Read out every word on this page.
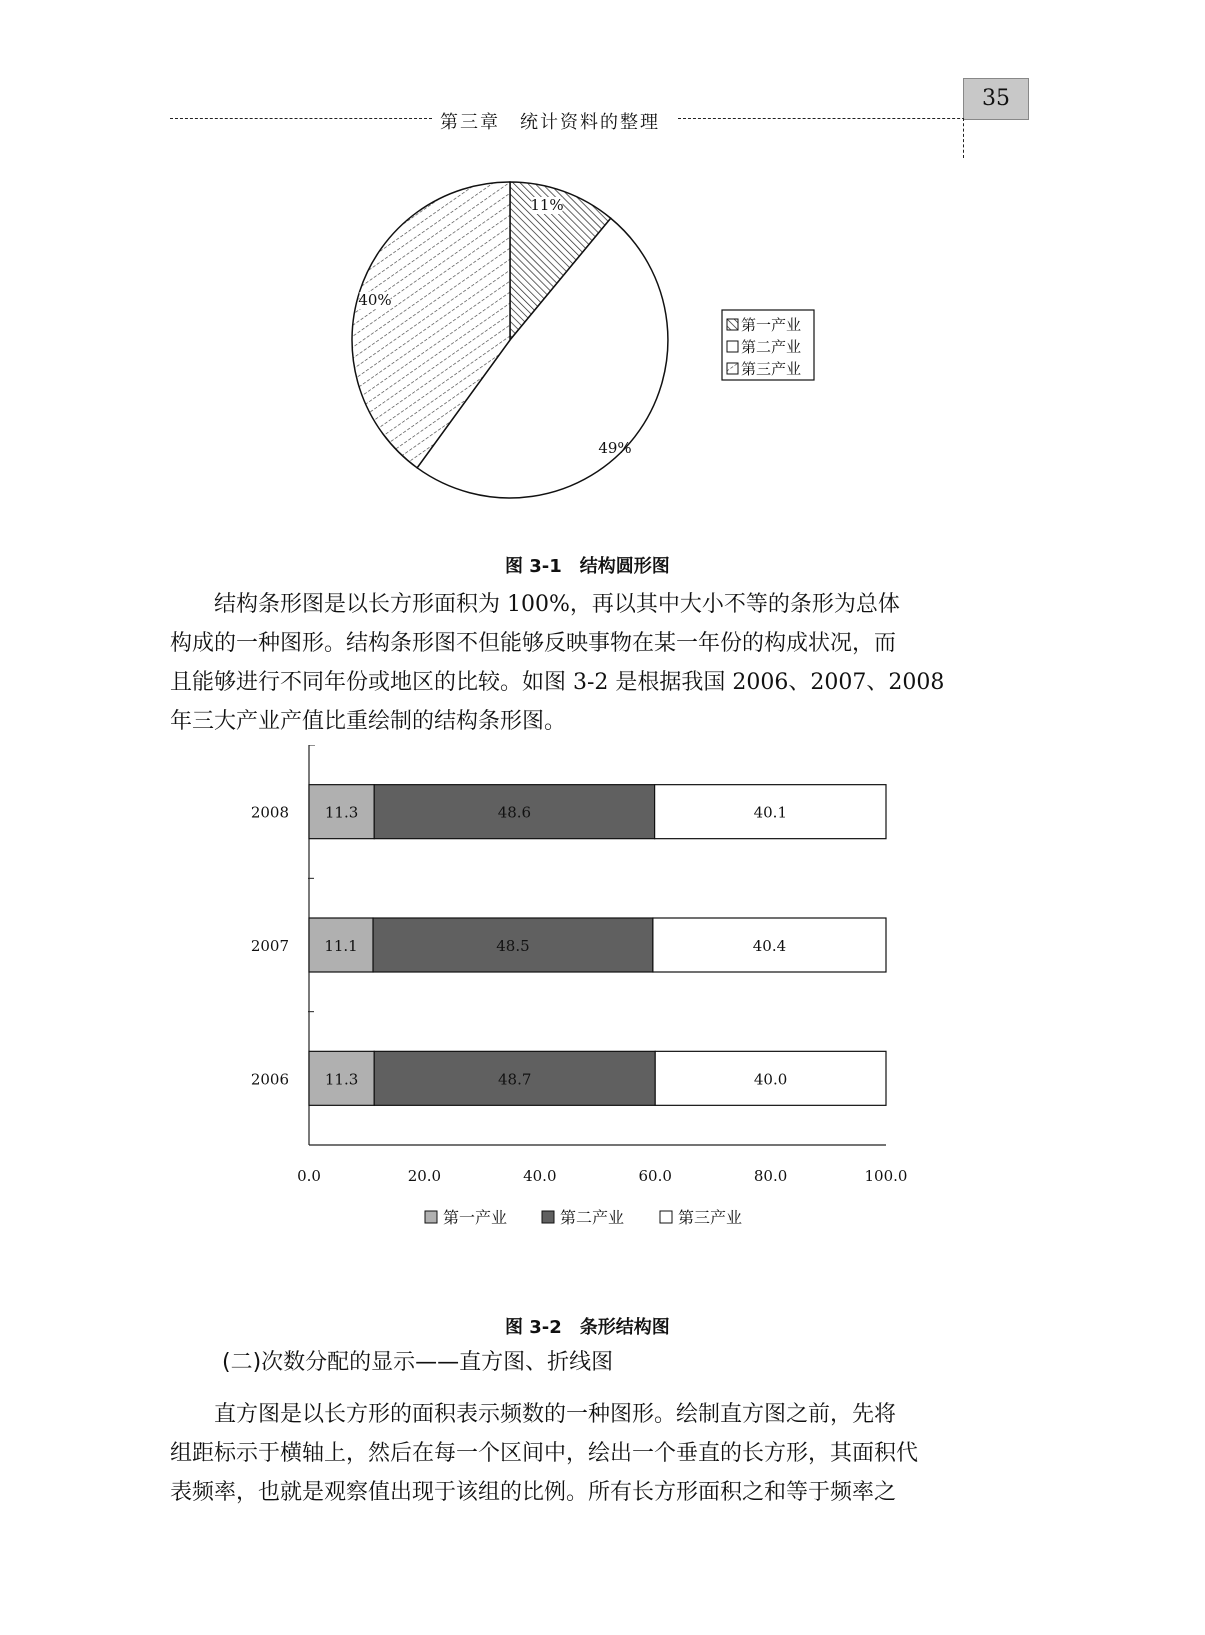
第三章　统计资料的整理
35
11%
49%
40%
第一产业
第二产业
第三产业
图 3-1　结构圆形图

结构条形图是以长方形面积为 100%，再以其中大小不等的条形为总体

构成的一种图形。结构条形图不但能够反映事物在某一年份的构成状况，而

且能够进行不同年份或地区的比较。如图 3-2 是根据我国 2006、2007、2008

年三大产业产值比重绘制的结构条形图。

0.0	20.0	40.0	60.0	80.0	100.0
2008
2007
2006
11.3	48.6	40.1
11.1	48.5	40.4
11.3	48.7	40.0
第一产业	第二产业	第三产业
图 3-2　条形结构图
(二)次数分配的显示——直方图、折线图

直方图是以长方形的面积表示频数的一种图形。绘制直方图之前，先将

组距标示于横轴上，然后在每一个区间中，绘出一个垂直的长方形，其面积代

表频率，也就是观察值出现于该组的比例。所有长方形面积之和等于频率之
